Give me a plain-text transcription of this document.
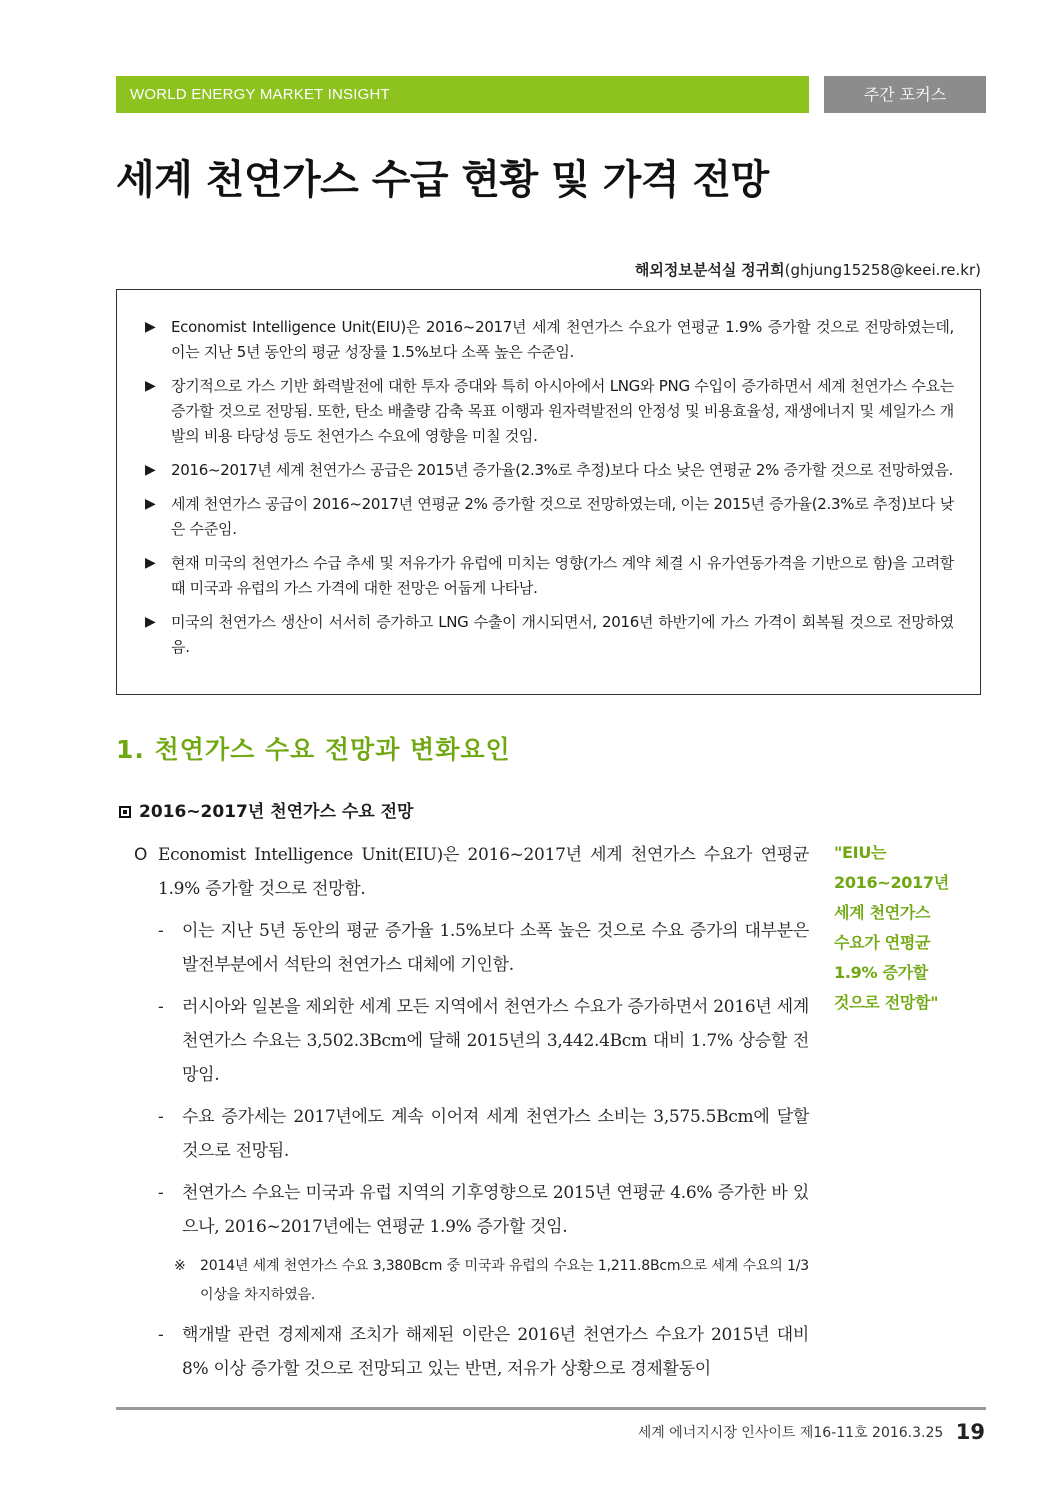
WORLD ENERGY MARKET INSIGHT	주간 포커스
세계 천연가스 수급 현황 및 가격 전망
해외정보분석실 정귀희(ghjung15258@keei.re.kr)
▶ Economist Intelligence Unit(EIU)은 2016~2017년 세계 천연가스 수요가 연평균 1.9% 증가할 것으로 전망하였는데, 이는 지난 5년 동안의 평균 성장률 1.5%보다 소폭 높은 수준임.
▶ 장기적으로 가스 기반 화력발전에 대한 투자 증대와 특히 아시아에서 LNG와 PNG 수입이 증가하면서 세계 천연가스 수요는 증가할 것으로 전망됨. 또한, 탄소 배출량 감축 목표 이행과 원자력발전의 안정성 및 비용효율성, 재생에너지 및 셰일가스 개발의 비용 타당성 등도 천연가스 수요에 영향을 미칠 것임.
▶ 2016~2017년 세계 천연가스 공급은 2015년 증가율(2.3%로 추정)보다 다소 낮은 연평균 2% 증가할 것으로 전망하였음.
▶ 세계 천연가스 공급이 2016~2017년 연평균 2% 증가할 것으로 전망하였는데, 이는 2015년 증가율(2.3%로 추정)보다 낮은 수준임.
▶ 현재 미국의 천연가스 수급 추세 및 저유가가 유럽에 미치는 영향(가스 계약 체결 시 유가연동가격을 기반으로 함)을 고려할 때 미국과 유럽의 가스 가격에 대한 전망은 어둡게 나타남.
▶ 미국의 천연가스 생산이 서서히 증가하고 LNG 수출이 개시되면서, 2016년 하반기에 가스 가격이 회복될 것으로 전망하였음.
1. 천연가스 수요 전망과 변화요인
2016~2017년 천연가스 수요 전망

O Economist Intelligence Unit(EIU)은 2016~2017년 세계 천연가스 수요가 연평균 1.9% 증가할 것으로 전망함.

- 이는 지난 5년 동안의 평균 증가율 1.5%보다 소폭 높은 것으로 수요 증가의 대부분은 발전부분에서 석탄의 천연가스 대체에 기인함.

- 러시아와 일본을 제외한 세계 모든 지역에서 천연가스 수요가 증가하면서 2016년 세계 천연가스 수요는 3,502.3Bcm에 달해 2015년의 3,442.4Bcm 대비 1.7% 상승할 전망임.

- 수요 증가세는 2017년에도 계속 이어져 세계 천연가스 소비는 3,575.5Bcm에 달할 것으로 전망됨.

- 천연가스 수요는 미국과 유럽 지역의 기후영향으로 2015년 연평균 4.6% 증가한 바 있으나, 2016~2017년에는 연평균 1.9% 증가할 것임.

※ 2014년 세계 천연가스 수요 3,380Bcm 중 미국과 유럽의 수요는 1,211.8Bcm으로 세계 수요의 1/3 이상을 차지하였음.

- 핵개발 관련 경제제재 조치가 해제된 이란은 2016년 천연가스 수요가 2015년 대비 8% 이상 증가할 것으로 전망되고 있는 반면, 저유가 상황으로 경제활동이

"EIU는
2016~2017년
세계 천연가스
수요가 연평균
1.9% 증가할
것으로 전망함"
세계 에너지시장 인사이트 제16-11호 2016.3.25 19
